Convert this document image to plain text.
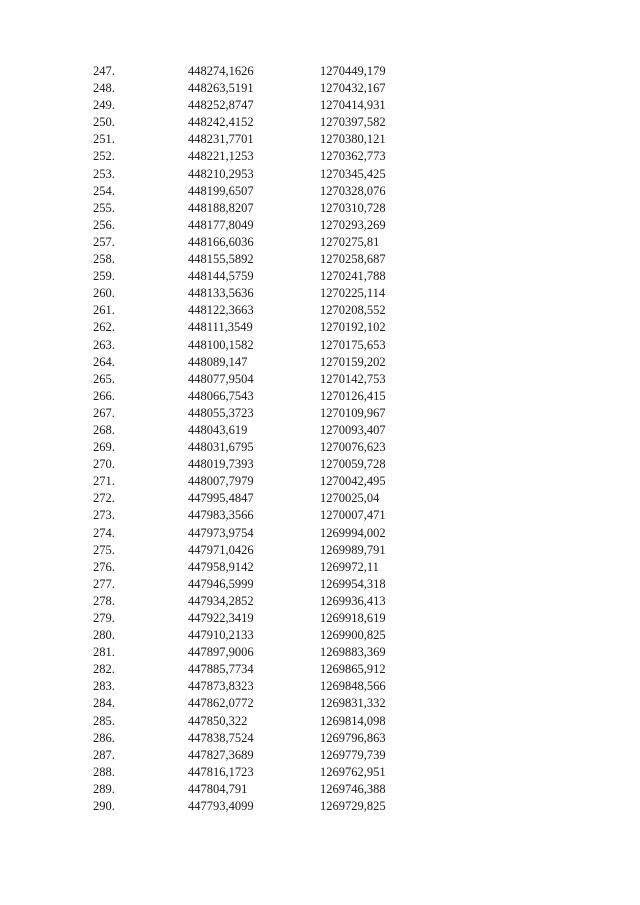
247.	448274,1626	1270449,179
248.	448263,5191	1270432,167
249.	448252,8747	1270414,931
250.	448242,4152	1270397,582
251.	448231,7701	1270380,121
252.	448221,1253	1270362,773
253.	448210,2953	1270345,425
254.	448199,6507	1270328,076
255.	448188,8207	1270310,728
256.	448177,8049	1270293,269
257.	448166,6036	1270275,81
258.	448155,5892	1270258,687
259.	448144,5759	1270241,788
260.	448133,5636	1270225,114
261.	448122,3663	1270208,552
262.	448111,3549	1270192,102
263.	448100,1582	1270175,653
264.	448089,147	1270159,202
265.	448077,9504	1270142,753
266.	448066,7543	1270126,415
267.	448055,3723	1270109,967
268.	448043,619	1270093,407
269.	448031,6795	1270076,623
270.	448019,7393	1270059,728
271.	448007,7979	1270042,495
272.	447995,4847	1270025,04
273.	447983,3566	1270007,471
274.	447973,9754	1269994,002
275.	447971,0426	1269989,791
276.	447958,9142	1269972,11
277.	447946,5999	1269954,318
278.	447934,2852	1269936,413
279.	447922,3419	1269918,619
280.	447910,2133	1269900,825
281.	447897,9006	1269883,369
282.	447885,7734	1269865,912
283.	447873,8323	1269848,566
284.	447862,0772	1269831,332
285.	447850,322	1269814,098
286.	447838,7524	1269796,863
287.	447827,3689	1269779,739
288.	447816,1723	1269762,951
289.	447804,791	1269746,388
290.	447793,4099	1269729,825
